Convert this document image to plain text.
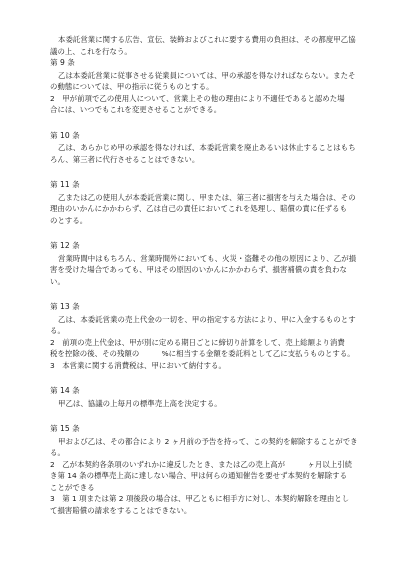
本委託営業に関する広告、宣伝、装飾およびこれに要する費用の負担は、その都度甲乙協
議の上、これを行なう。
第 9 条
乙は本委託営業に従事させる従業員については、甲の承認を得なければならない。またそ
の動態については、甲の指示に従うものとする。
2　甲が前項で乙の使用人について、営業上その他の理由により不適任であると認めた場
合には、いつでもこれを変更させることができる。
第 10 条
乙は、あらかじめ甲の承認を得なければ、本委託営業を廃止あるいは休止することはもち
ろん、第三者に代行させることはできない。
第 11 条
乙または乙の使用人が本委託営業に関し、甲または、第三者に損害を与えた場合は、その
理由のいかんにかかわらず、乙は自己の責任においてこれを処理し、賠償の責に任ずるも
のとする。
第 12 条
営業時間中はもちろん、営業時間外においても、火災・盗難その他の原因により、乙が損
害を受けた場合であっても、甲はその原因のいかんにかかわらず、損害補償の責を負わな
い。
第 13 条
乙は、本委託営業の売上代金の一切を、甲の指定する方法により、甲に入金するものとす
る。
2　前項の売上代金は、甲が別に定める期日ごとに締切り計算をして、売上総額より消費
税を控除の後、その残額の　　　%に相当する金額を委託料として乙に支払うものとする。
3　本営業に関する消費税は、甲において納付する。
第 14 条
甲乙は、協議の上毎月の標準売上高を決定する。
第 15 条
甲および乙は、その都合により 2 ヶ月前の予告を持って、この契約を解除することができ
る。
2　乙が本契約各条項のいずれかに違反したとき、または乙の売上高が　　　ヶ月以上引続
き第 14 条の標準売上高に達しない場合、甲は何らの通知催告を要せず本契約を解除する
ことができる
3　第 1 項または第 2 項後段の場合は、甲乙ともに相手方に対し、本契約解除を理由とし
て損害賠償の請求をすることはできない。
